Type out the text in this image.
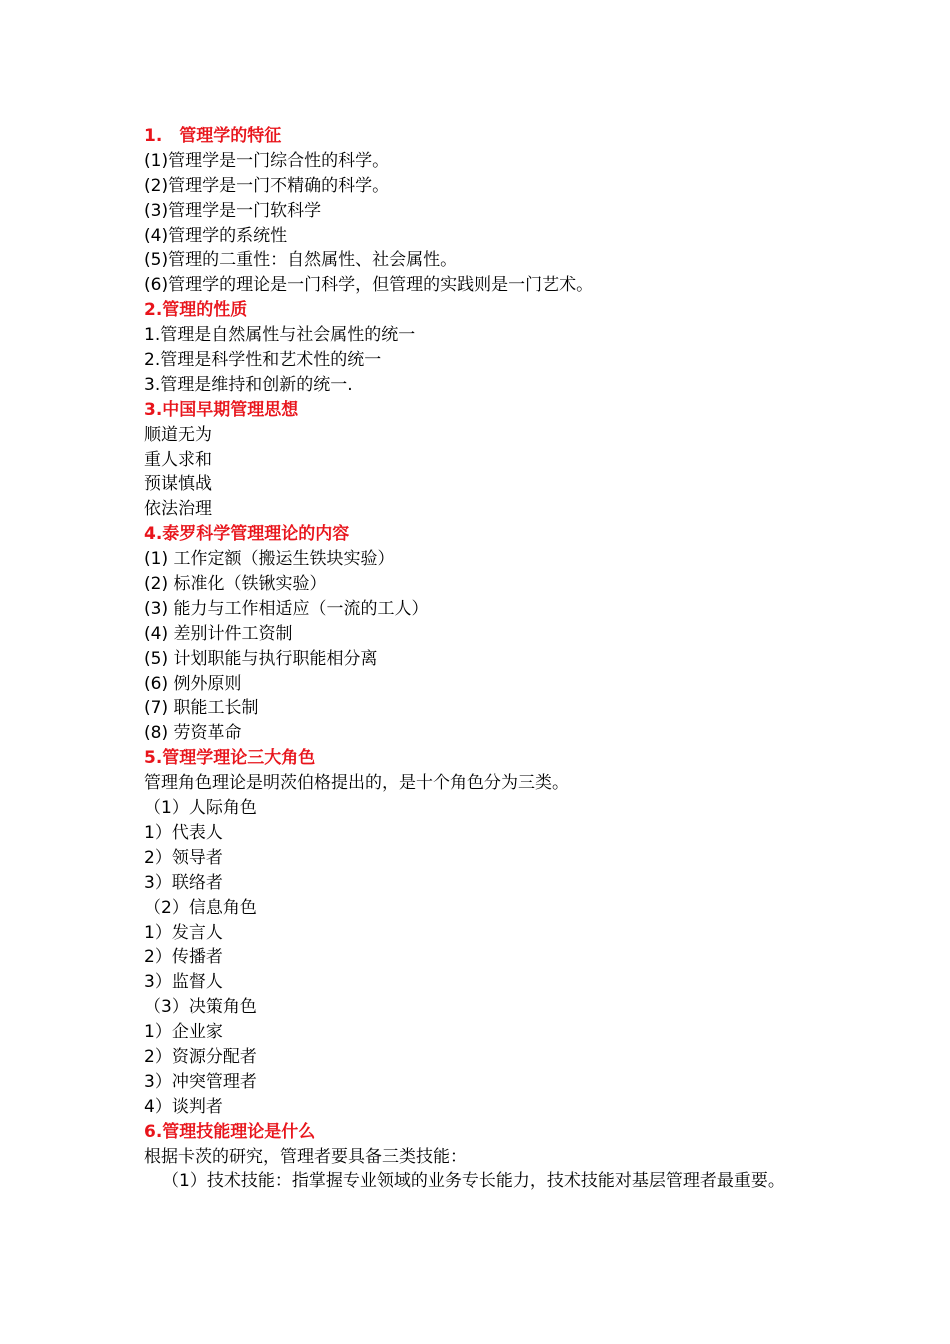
1.　管理学的特征
(1)管理学是一门综合性的科学。
(2)管理学是一门不精确的科学。
(3)管理学是一门软科学
(4)管理学的系统性
(5)管理的二重性：自然属性、社会属性。
(6)管理学的理论是一门科学，但管理的实践则是一门艺术。
2.管理的性质
1.管理是自然属性与社会属性的统一
2.管理是科学性和艺术性的统一
3.管理是维持和创新的统一.
3.中国早期管理思想
顺道无为
重人求和
预谋慎战
依法治理
4.泰罗科学管理理论的内容
(1) 工作定额（搬运生铁块实验）
(2) 标准化（铁锹实验）
(3) 能力与工作相适应（一流的工人）
(4) 差别计件工资制
(5) 计划职能与执行职能相分离
(6) 例外原则
(7) 职能工长制
(8) 劳资革命
5.管理学理论三大角色
管理角色理论是明茨伯格提出的，是十个角色分为三类。
（1）人际角色
1）代表人
2）领导者
3）联络者
（2）信息角色
1）发言人
2）传播者
3）监督人
（3）决策角色
1）企业家
2）资源分配者
3）冲突管理者
4）谈判者
6.管理技能理论是什么
根据卡茨的研究，管理者要具备三类技能：
（1）技术技能：指掌握专业领域的业务专长能力，技术技能对基层管理者最重要。
